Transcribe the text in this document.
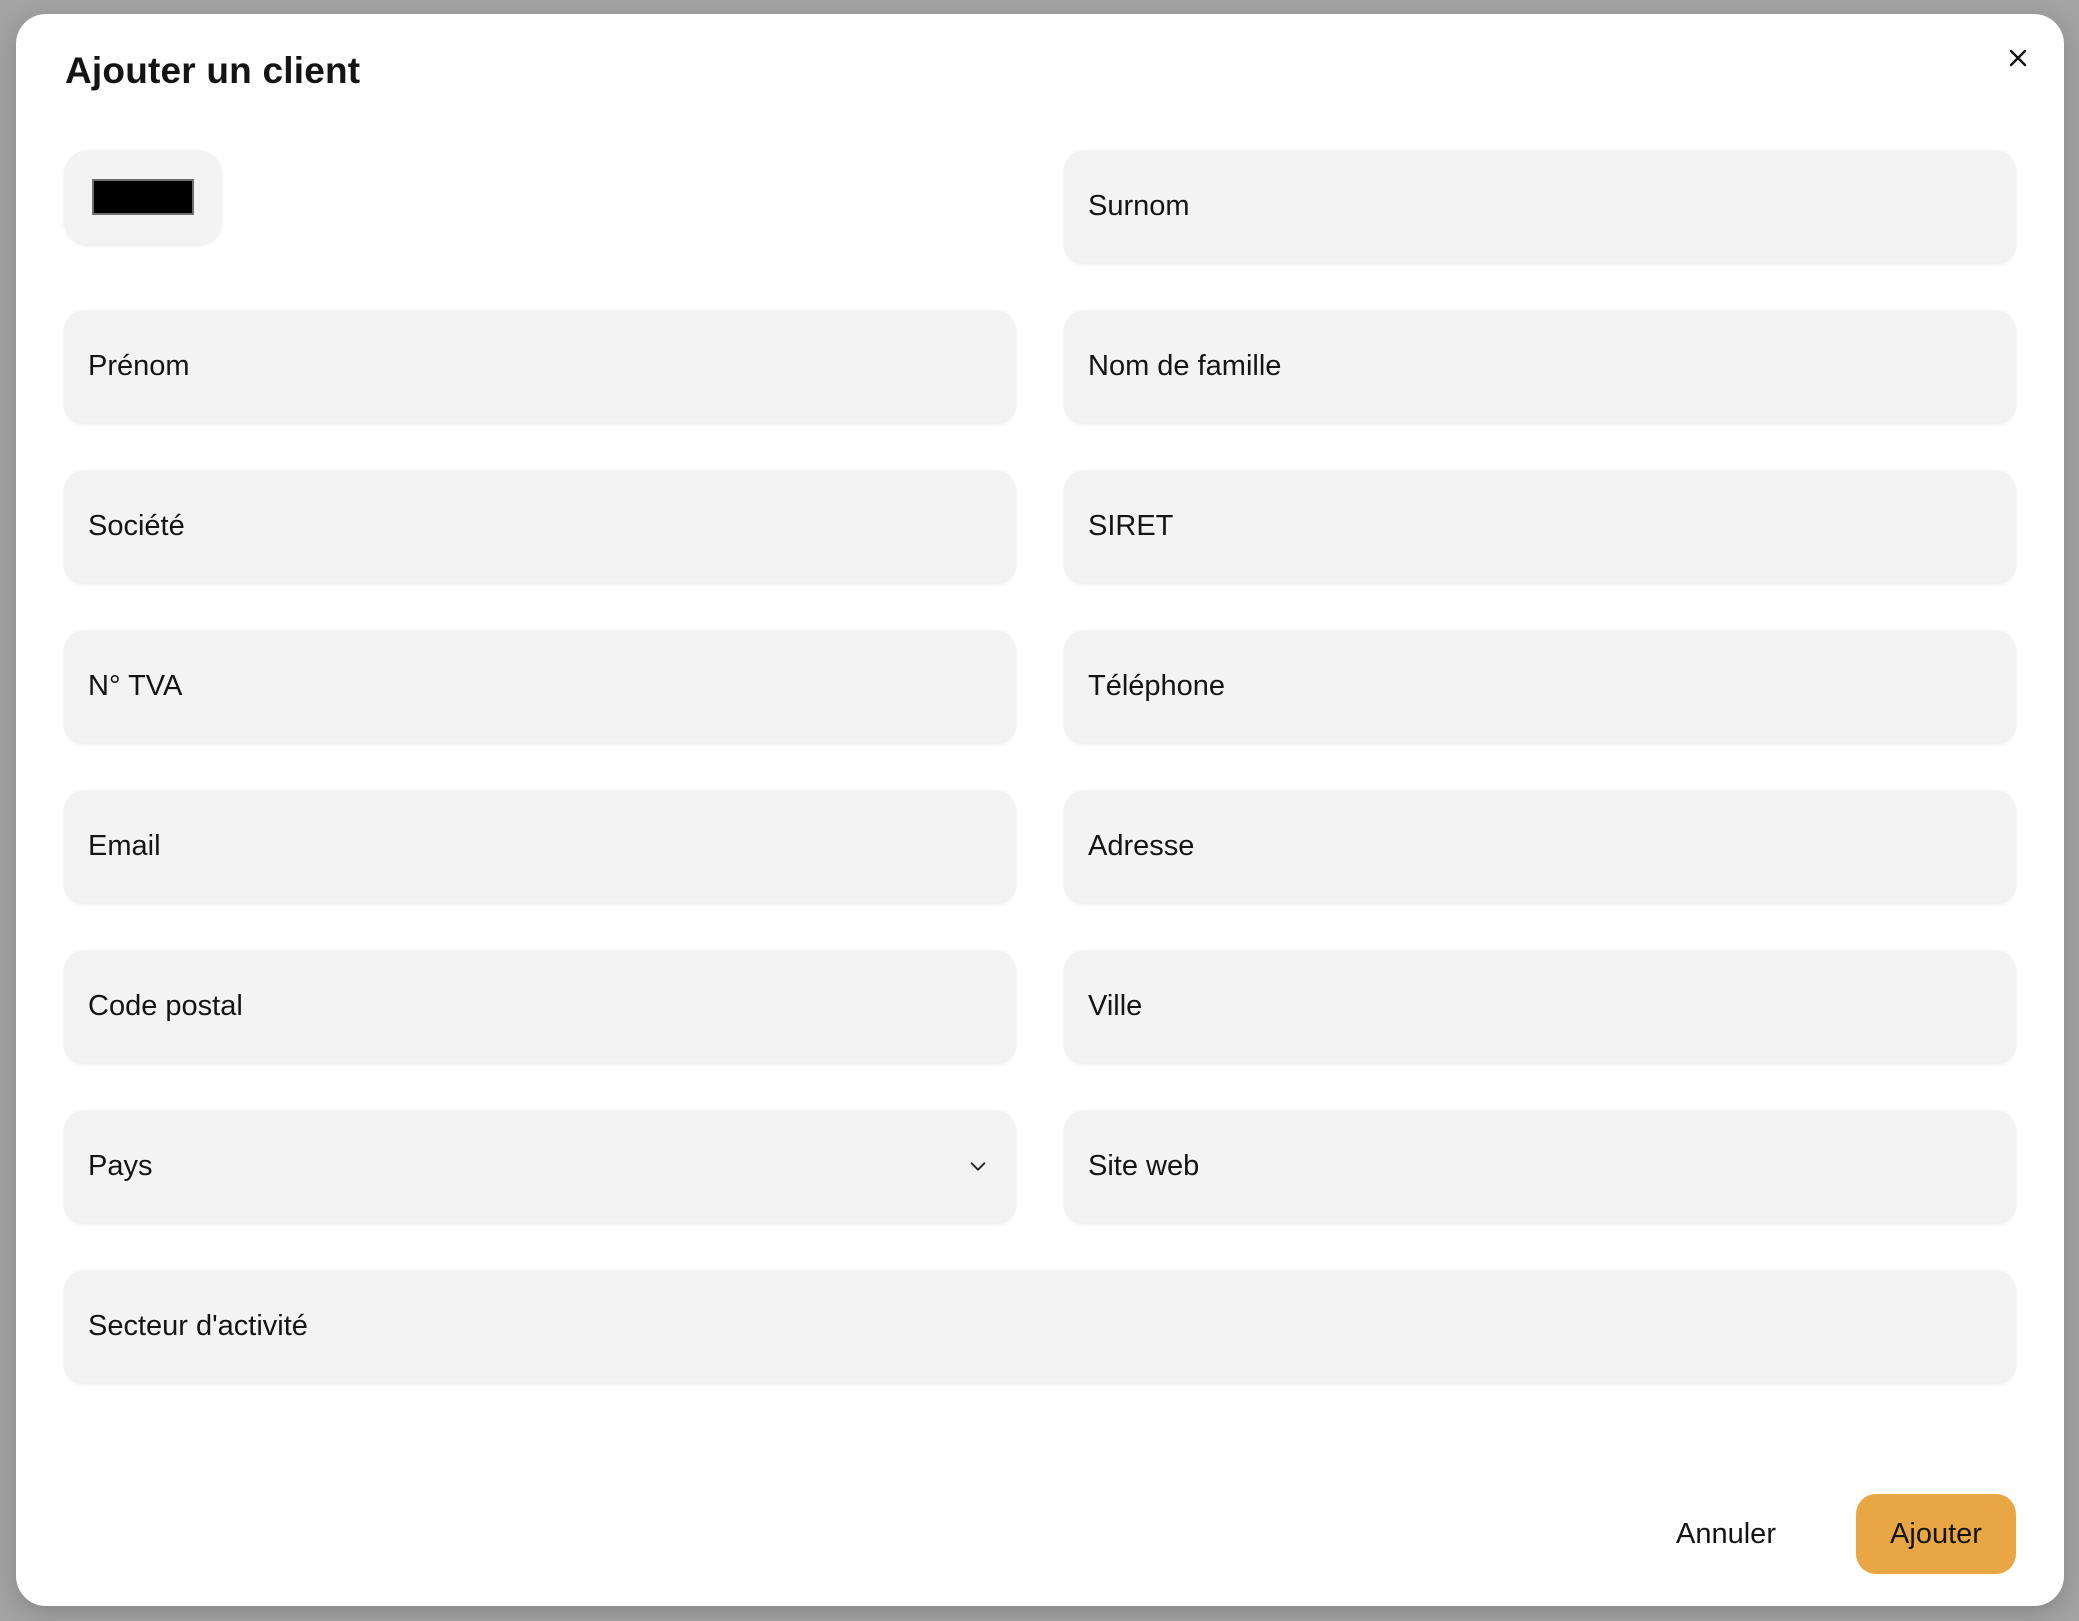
Ajouter un client
Surnom
Prénom	Nom de famille
Société	SIRET
N° TVA	Téléphone
Email	Adresse
Code postal	Ville
Pays	Site web
Secteur d'activité
Annuler	Ajouter
